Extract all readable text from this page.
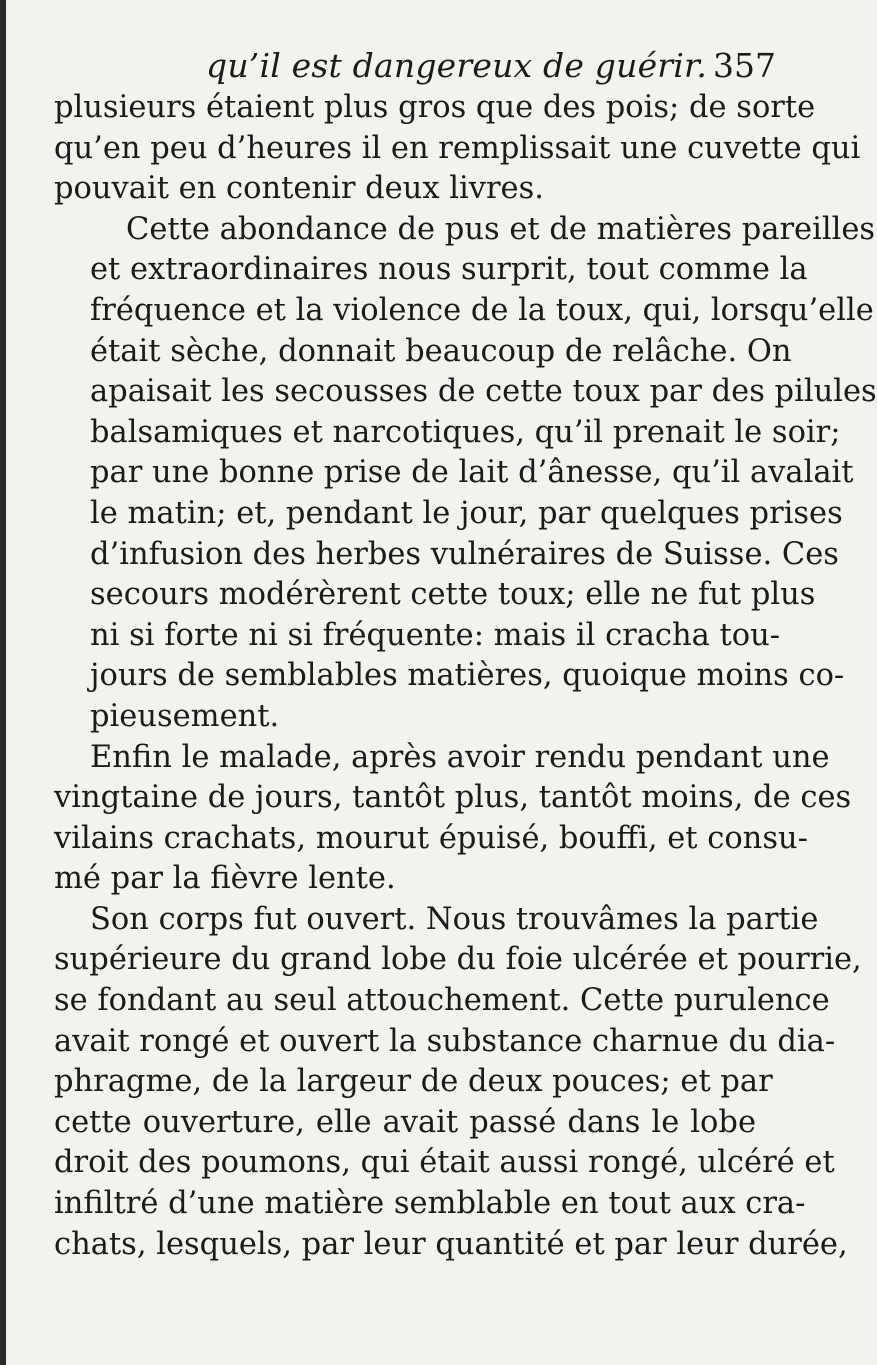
qu’il est dangereux de guérir. 357

plusieurs étaient plus gros que des pois; de sorte
qu’en peu d’heures il en remplissait une cuvette qui
pouvait en contenir deux livres.

Cette abondance de pus et de matières pareilles
et extraordinaires nous surprit, tout comme la
fréquence et la violence de la toux, qui, lorsqu’elle
était sèche, donnait beaucoup de relâche. On
apaisait les secousses de cette toux par des pilules
balsamiques et narcotiques, qu’il prenait le soir;
par une bonne prise de lait d’ânesse, qu’il avalait
le matin; et, pendant le jour, par quelques prises
d’infusion des herbes vulnéraires de Suisse. Ces
secours modérèrent cette toux; elle ne fut plus
ni si forte ni si fréquente: mais il cracha tou-
jours de semblables matières, quoique moins co-
pieusement.

Enfin le malade, après avoir rendu pendant une
vingtaine de jours, tantôt plus, tantôt moins, de ces
vilains crachats, mourut épuisé, bouffi, et consu-
mé par la fièvre lente.

Son corps fut ouvert. Nous trouvâmes la partie
supérieure du grand lobe du foie ulcérée et pourrie,
se fondant au seul attouchement. Cette purulence
avait rongé et ouvert la substance charnue du dia-
phragme, de la largeur de deux pouces; et par
cette ouverture, elle avait passé dans le lobe
droit des poumons, qui était aussi rongé, ulcéré et
infiltré d’une matière semblable en tout aux cra-
chats, lesquels, par leur quantité et par leur durée,
